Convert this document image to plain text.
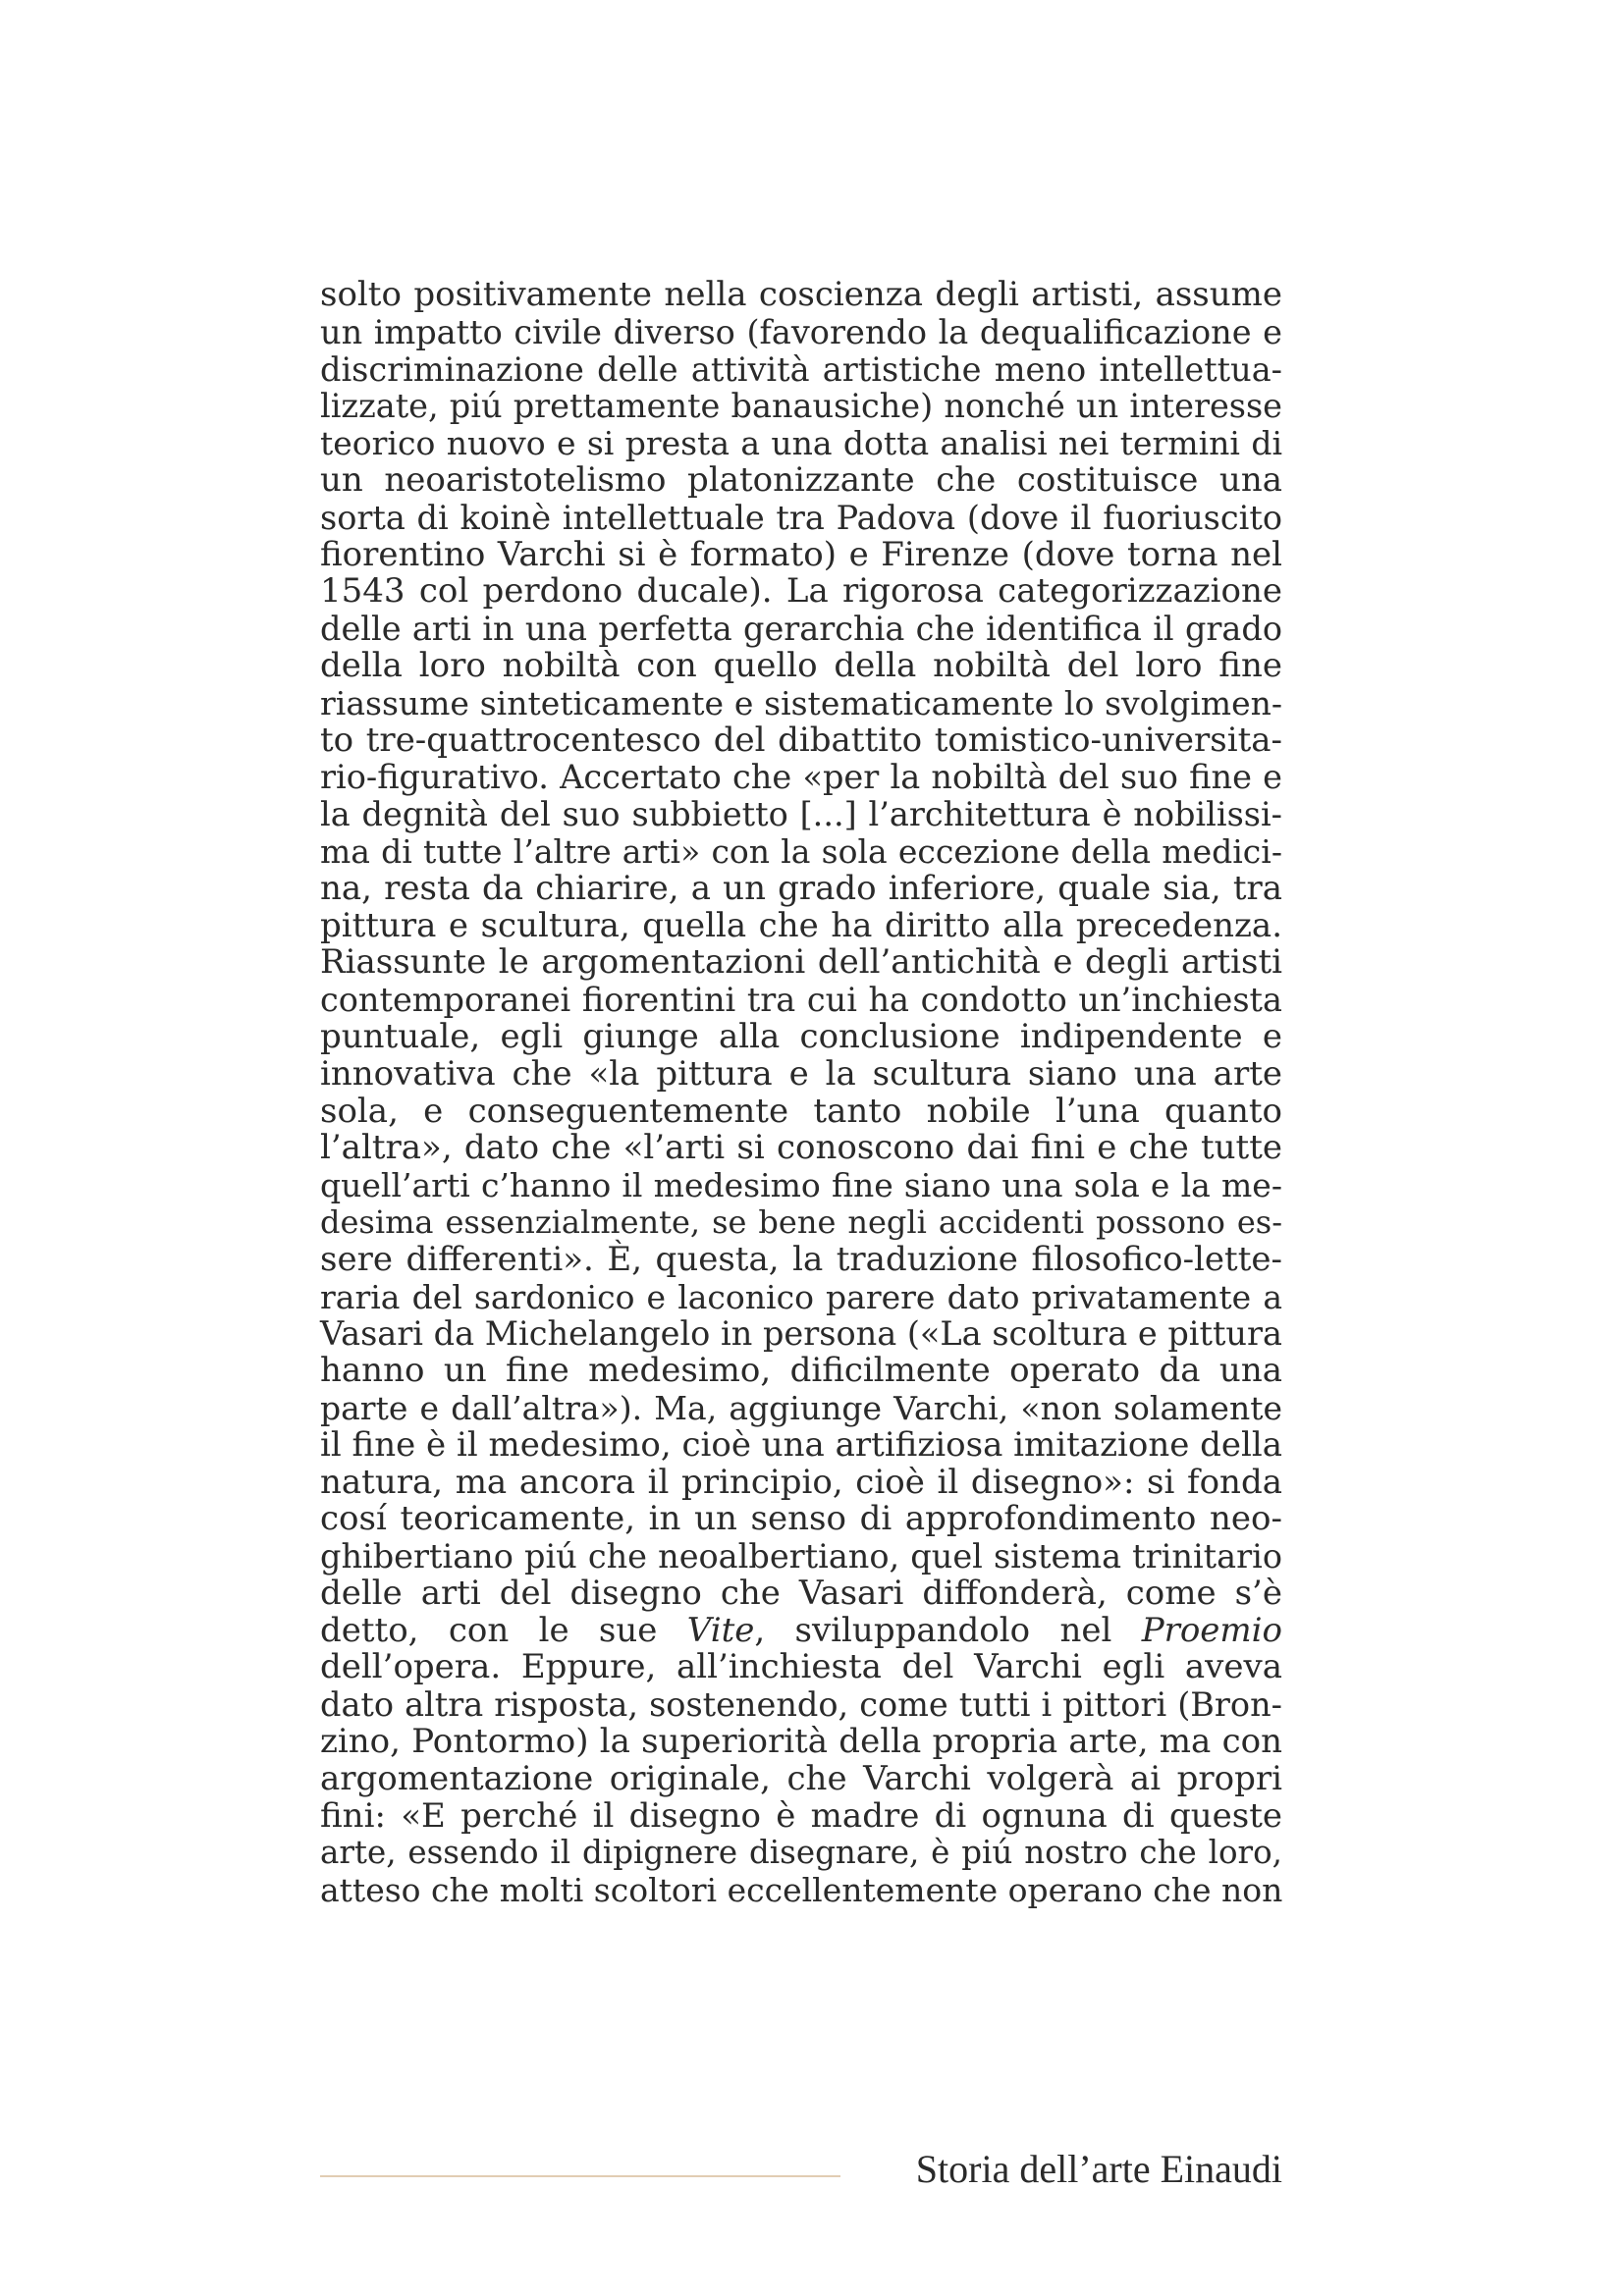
solto positivamente nella coscienza degli artisti, assume
un impatto civile diverso (favorendo la dequalificazione e
discriminazione delle attività artistiche meno intellettua-
lizzate, piú prettamente banausiche) nonché un interesse
teorico nuovo e si presta a una dotta analisi nei termini di
un neoaristotelismo platonizzante che costituisce una
sorta di koinè intellettuale tra Padova (dove il fuoriuscito
fiorentino Varchi si è formato) e Firenze (dove torna nel
1543 col perdono ducale). La rigorosa categorizzazione
delle arti in una perfetta gerarchia che identifica il grado
della loro nobiltà con quello della nobiltà del loro fine
riassume sinteticamente e sistematicamente lo svolgimen-
to tre-quattrocentesco del dibattito tomistico-universita-
rio-figurativo. Accertato che «per la nobiltà del suo fine e
la degnità del suo subbietto [...] l’architettura è nobilissi-
ma di tutte l’altre arti» con la sola eccezione della medici-
na, resta da chiarire, a un grado inferiore, quale sia, tra
pittura e scultura, quella che ha diritto alla precedenza.
Riassunte le argomentazioni dell’antichità e degli artisti
contemporanei fiorentini tra cui ha condotto un’inchiesta
puntuale, egli giunge alla conclusione indipendente e
innovativa che «la pittura e la scultura siano una arte
sola, e conseguentemente tanto nobile l’una quanto
l’altra», dato che «l’arti si conoscono dai fini e che tutte
quell’arti c’hanno il medesimo fine siano una sola e la me-
desima essenzialmente, se bene negli accidenti possono es-
sere differenti». È, questa, la traduzione filosofico-lette-
raria del sardonico e laconico parere dato privatamente a
Vasari da Michelangelo in persona («La scoltura e pittura
hanno un fine medesimo, dificilmente operato da una
parte e dall’altra»). Ma, aggiunge Varchi, «non solamente
il fine è il medesimo, cioè una artifiziosa imitazione della
natura, ma ancora il principio, cioè il disegno»: si fonda
cosí teoricamente, in un senso di approfondimento neo-
ghibertiano piú che neoalbertiano, quel sistema trinitario
delle arti del disegno che Vasari diffonderà, come s’è
detto, con le sue Vite, sviluppandolo nel Proemio
dell’opera. Eppure, all’inchiesta del Varchi egli aveva
dato altra risposta, sostenendo, come tutti i pittori (Bron-
zino, Pontormo) la superiorità della propria arte, ma con
argomentazione originale, che Varchi volgerà ai propri
fini: «E perché il disegno è madre di ognuna di queste
arte, essendo il dipignere disegnare, è piú nostro che loro,
atteso che molti scoltori eccellentemente operano che non
Storia dell’arte Einaudi
